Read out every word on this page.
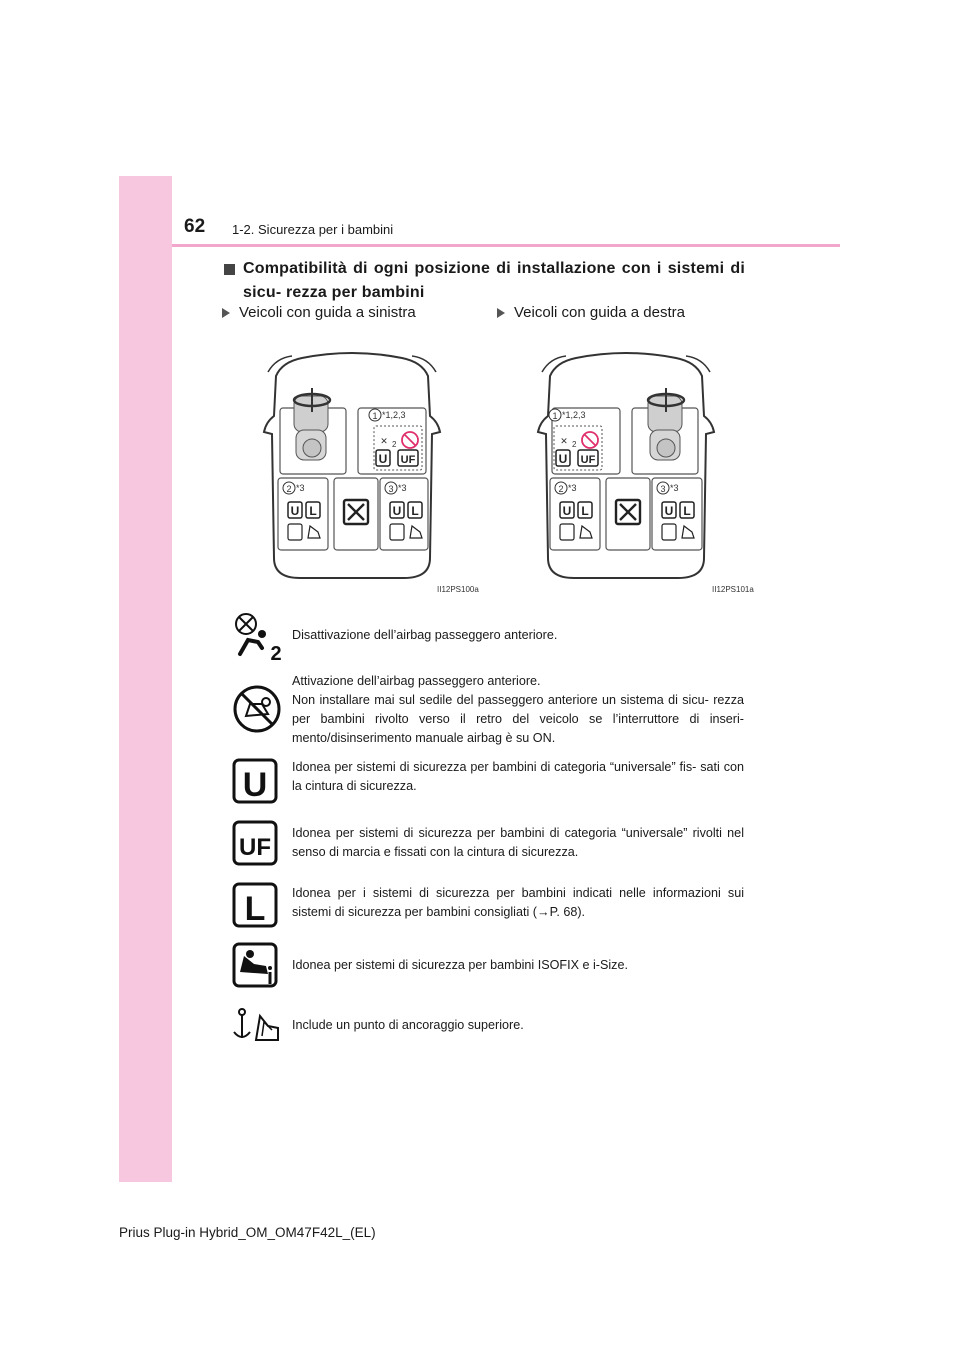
62 1-2. Sicurezza per i bambini
Compatibilità di ogni posizione di installazione con i sistemi di sicu- rezza per bambini
Veicoli con guida a sinistra	Veicoli con guida a destra
1 *1,2,3
✕ 2
U UF
2 *3
U L
3 *3
U L
II12PS100a
1 *1,2,3
✕ 2
U UF
2 *3
U L
3 *3
U L
II12PS101a
2

Disattivazione dell’airbag passeggero anteriore.

Attivazione dell’airbag passeggero anteriore.

Non installare mai sul sedile del passeggero anteriore un sistema di sicu- rezza per bambini rivolto verso il retro del veicolo se l’interruttore di inseri- mento/disinserimento manuale airbag è su ON.

U Idonea per sistemi di sicurezza per bambini di categoria “universale” fis- sati con la cintura di sicurezza.

UF

Idonea per sistemi di sicurezza per bambini di categoria “universale” rivolti nel senso di marcia e fissati con la cintura di sicurezza.

L Idonea per i sistemi di sicurezza per bambini indicati nelle informazioni sui sistemi di sicurezza per bambini consigliati (→P. 68).

Idonea per sistemi di sicurezza per bambini ISOFIX e i-Size.

Include un punto di ancoraggio superiore.

Prius Plug-in Hybrid_OM_OM47F42L_(EL)
